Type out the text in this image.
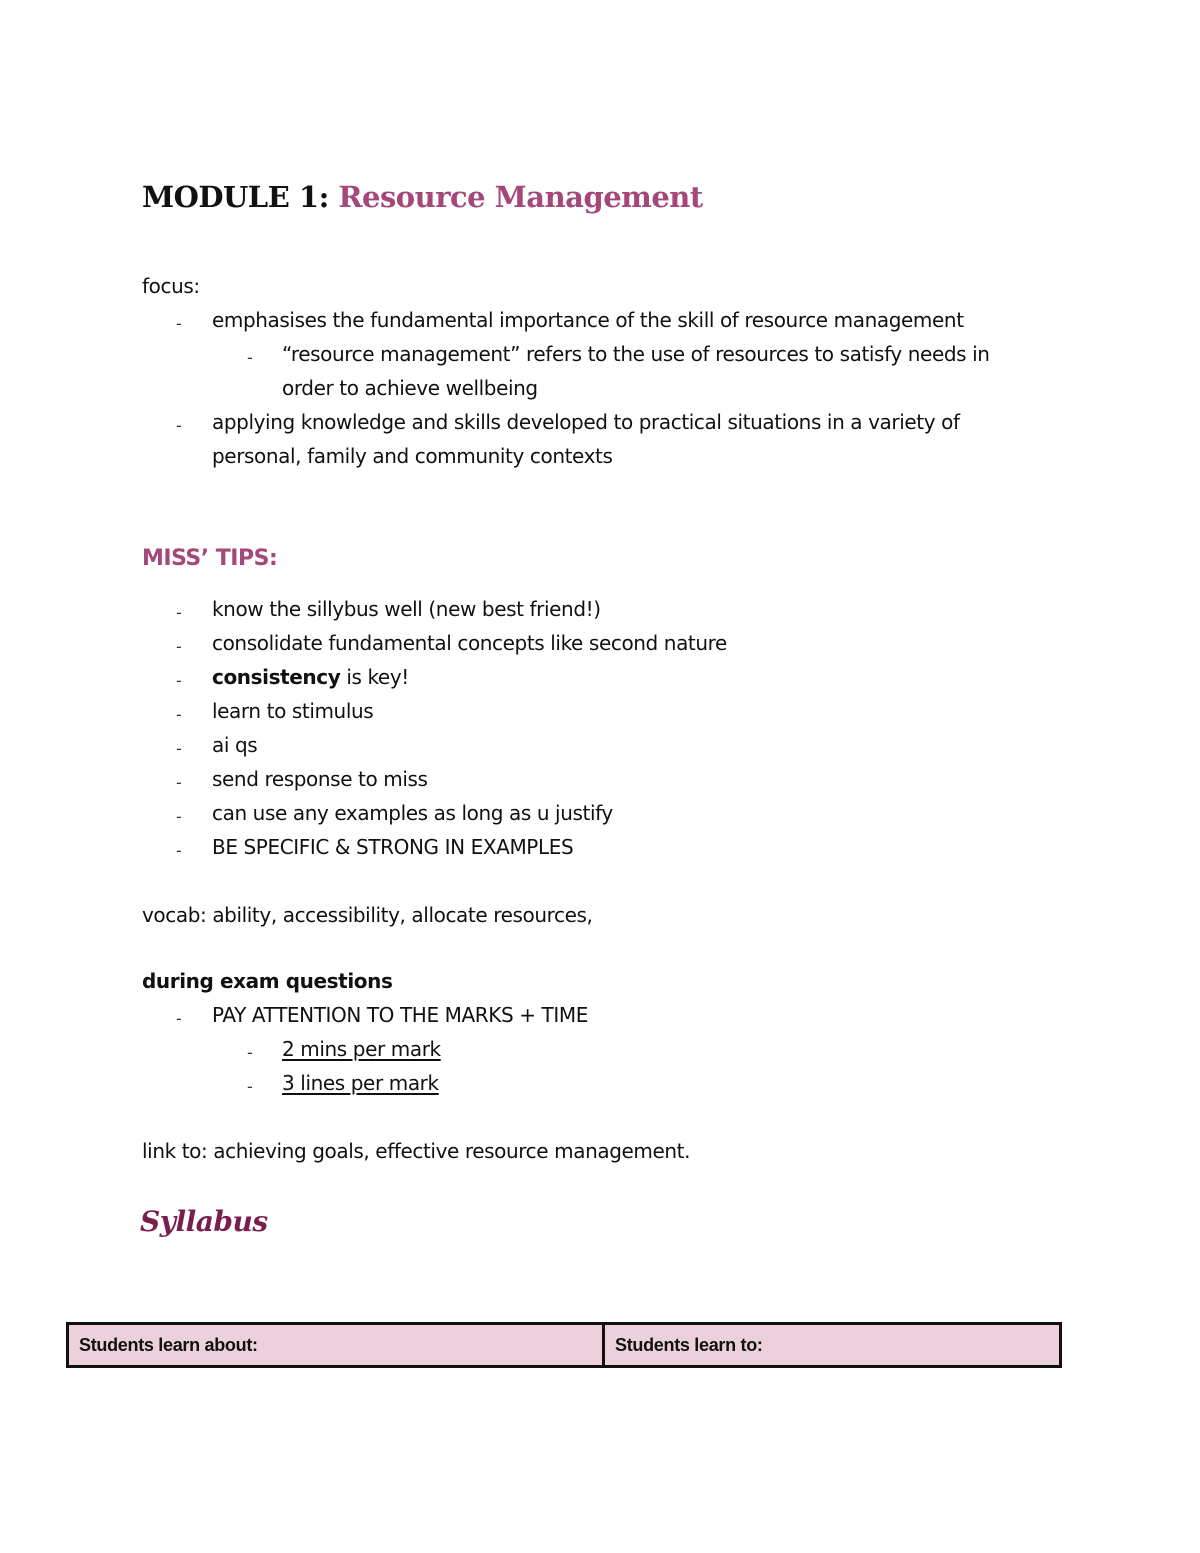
MODULE 1: Resource Management
focus:
- emphasises the fundamental importance of the skill of resource management
- “resource management” refers to the use of resources to satisfy needs in
order to achieve wellbeing
- applying knowledge and skills developed to practical situations in a variety of
personal, family and community contexts
MISS’ TIPS:
- know the sillybus well (new best friend!)
- consolidate fundamental concepts like second nature
- consistency is key!
- learn to stimulus
- ai qs
- send response to miss
- can use any examples as long as u justify
- BE SPECIFIC & STRONG IN EXAMPLES
vocab: ability, accessibility, allocate resources,
during exam questions
- PAY ATTENTION TO THE MARKS + TIME
- 2 mins per mark
- 3 lines per mark
link to: achieving goals, effective resource management.
Syllabus
Students learn about:	Students learn to:
